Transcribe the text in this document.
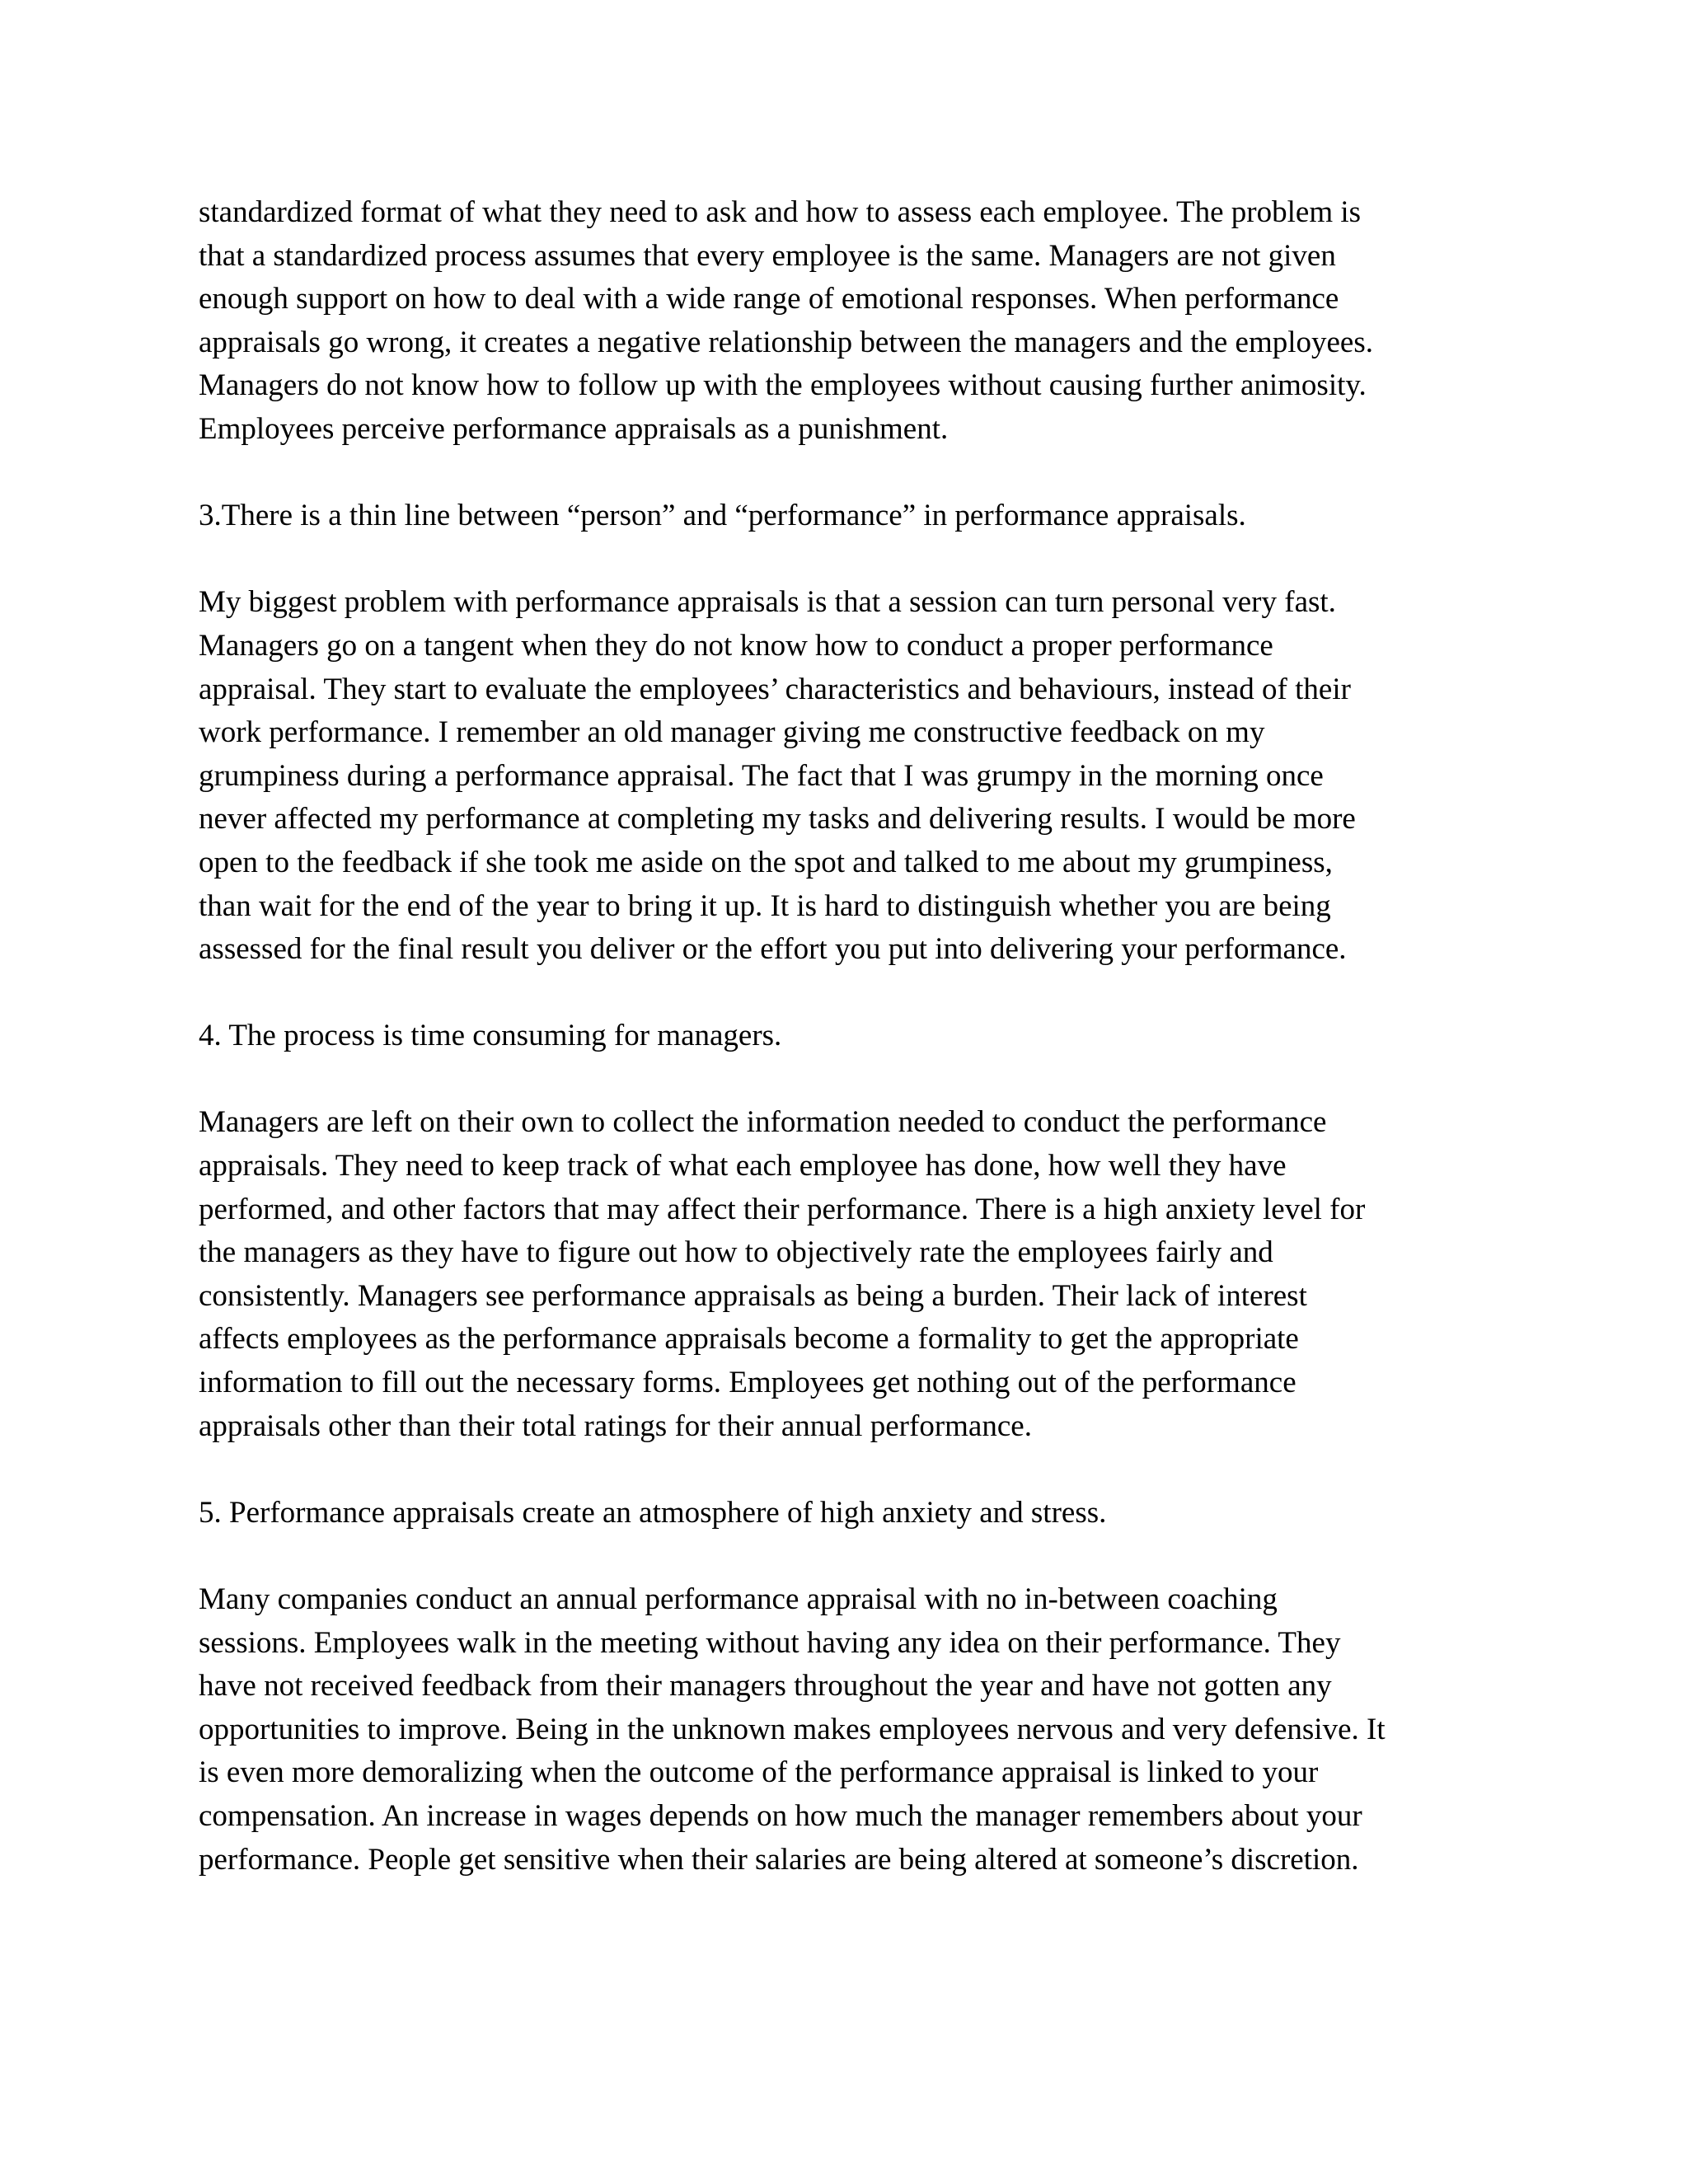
standardized format of what they need to ask and how to assess each employee. The problem is
that a standardized process assumes that every employee is the same. Managers are not given
enough support on how to deal with a wide range of emotional responses. When performance
appraisals go wrong, it creates a negative relationship between the managers and the employees.
Managers do not know how to follow up with the employees without causing further animosity.
Employees perceive performance appraisals as a punishment.
3.There is a thin line between “person” and “performance” in performance appraisals.
My biggest problem with performance appraisals is that a session can turn personal very fast.
Managers go on a tangent when they do not know how to conduct a proper performance
appraisal. They start to evaluate the employees’ characteristics and behaviours, instead of their
work performance. I remember an old manager giving me constructive feedback on my
grumpiness during a performance appraisal. The fact that I was grumpy in the morning once
never affected my performance at completing my tasks and delivering results. I would be more
open to the feedback if she took me aside on the spot and talked to me about my grumpiness,
than wait for the end of the year to bring it up. It is hard to distinguish whether you are being
assessed for the final result you deliver or the effort you put into delivering your performance.
4. The process is time consuming for managers.
Managers are left on their own to collect the information needed to conduct the performance
appraisals. They need to keep track of what each employee has done, how well they have
performed, and other factors that may affect their performance. There is a high anxiety level for
the managers as they have to figure out how to objectively rate the employees fairly and
consistently. Managers see performance appraisals as being a burden. Their lack of interest
affects employees as the performance appraisals become a formality to get the appropriate
information to fill out the necessary forms. Employees get nothing out of the performance
appraisals other than their total ratings for their annual performance.
5. Performance appraisals create an atmosphere of high anxiety and stress.
Many companies conduct an annual performance appraisal with no in-between coaching
sessions. Employees walk in the meeting without having any idea on their performance. They
have not received feedback from their managers throughout the year and have not gotten any
opportunities to improve. Being in the unknown makes employees nervous and very defensive. It
is even more demoralizing when the outcome of the performance appraisal is linked to your
compensation. An increase in wages depends on how much the manager remembers about your
performance. People get sensitive when their salaries are being altered at someone’s discretion.
